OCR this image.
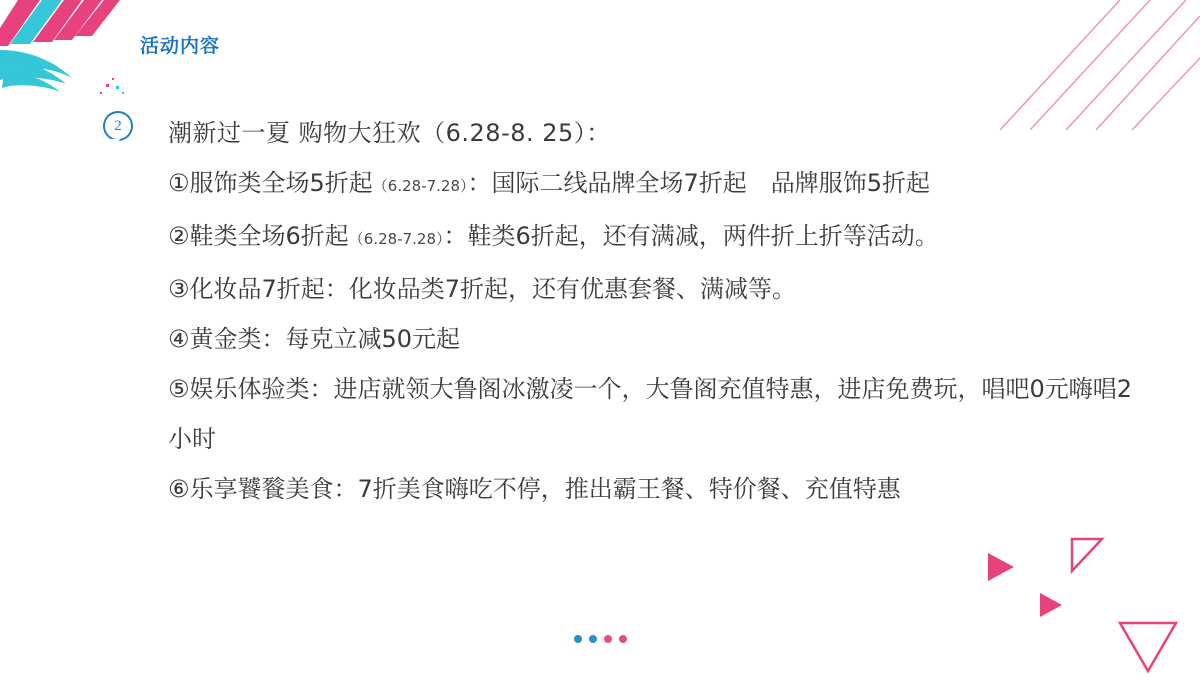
活动内容
2	潮新过一夏 购物大狂欢（6.28-8. 25）：
①服饰类全场5折起（6.28-7.28）：国际二线品牌全场7折起　品牌服饰5折起
②鞋类全场6折起（6.28-7.28）：鞋类6折起，还有满减，两件折上折等活动。
③化妆品7折起：化妆品类7折起，还有优惠套餐、满减等。
④黄金类：每克立减50元起
⑤娱乐体验类：进店就领大鲁阁冰激凌一个，大鲁阁充值特惠，进店免费玩，唱吧0元嗨唱2小时
⑥乐享饕餮美食：7折美食嗨吃不停，推出霸王餐、特价餐、充值特惠
